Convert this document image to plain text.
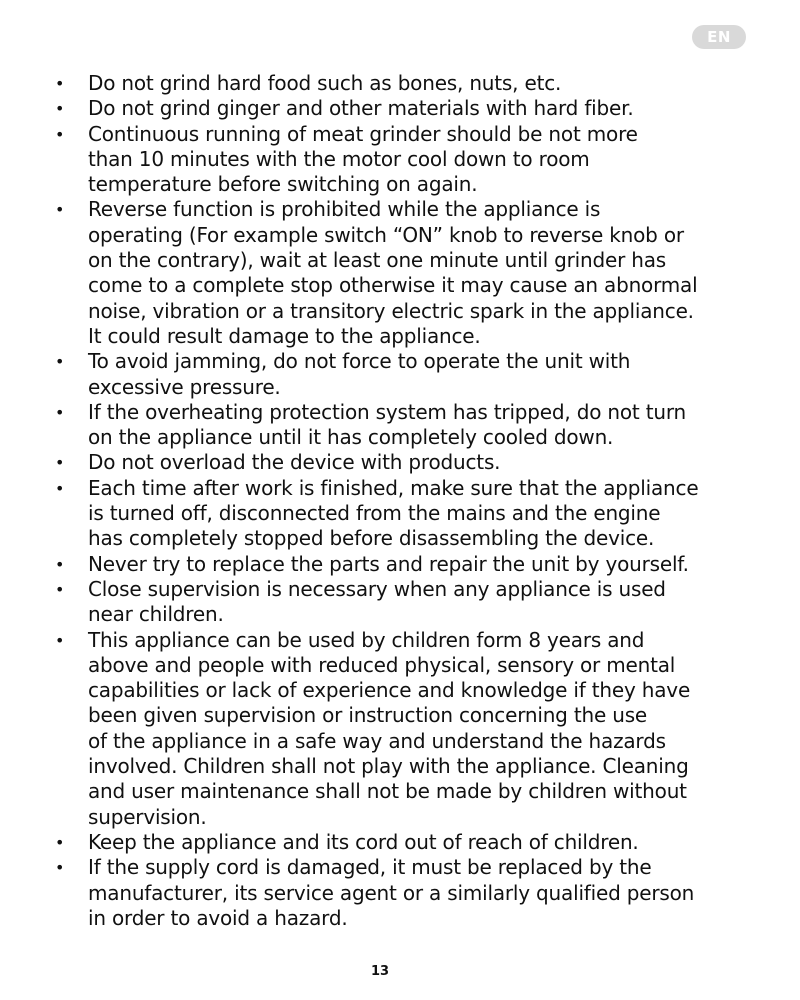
EN
• Do not grind hard food such as bones, nuts, etc.
• Do not grind ginger and other materials with hard fiber.
• Continuous running of meat grinder should be not more
than 10 minutes with the motor cool down to room
temperature before switching on again.
• Reverse function is prohibited while the appliance is
operating (For example switch “ON” knob to reverse knob or
on the contrary), wait at least one minute until grinder has
come to a complete stop otherwise it may cause an abnormal
noise, vibration or a transitory electric spark in the appliance.
It could result damage to the appliance.
• To avoid jamming, do not force to operate the unit with
excessive pressure.
• If the overheating protection system has tripped, do not turn
on the appliance until it has completely cooled down.
• Do not overload the device with products.
• Each time after work is finished, make sure that the appliance
is turned off, disconnected from the mains and the engine
has completely stopped before disassembling the device.
• Never try to replace the parts and repair the unit by yourself.
• Close supervision is necessary when any appliance is used
near children.
• This appliance can be used by children form 8 years and
above and people with reduced physical, sensory or mental
capabilities or lack of experience and knowledge if they have
been given supervision or instruction concerning the use
of the appliance in a safe way and understand the hazards
involved. Children shall not play with the appliance. Cleaning
and user maintenance shall not be made by children without
supervision.
• Keep the appliance and its cord out of reach of children.
• If the supply cord is damaged, it must be replaced by the
manufacturer, its service agent or a similarly qualified person
in order to avoid a hazard.
13
